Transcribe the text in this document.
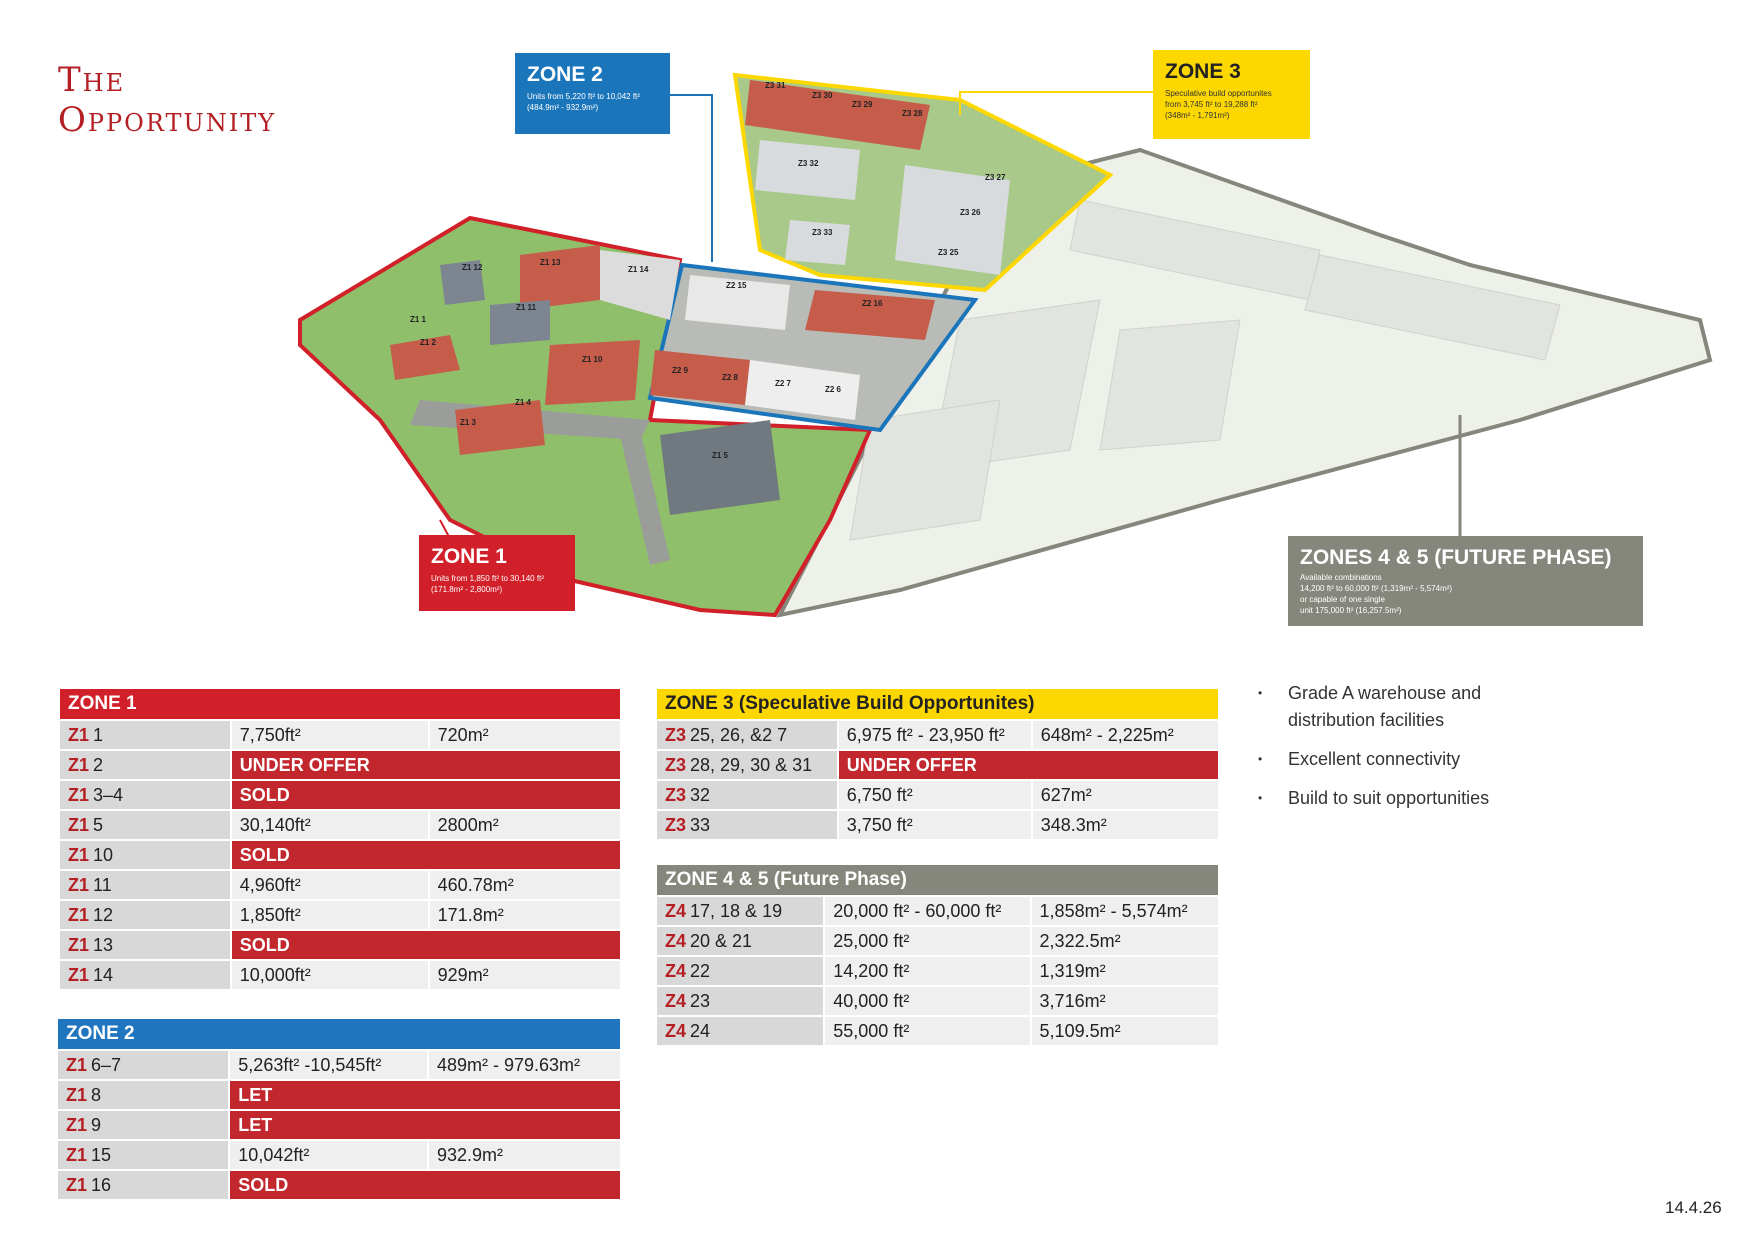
The
Opportunity
Z1 1
Z1 2
Z1 3
Z1 4
Z1 5
Z1 10
Z1 11
Z1 12
Z1 13
Z1 14
Z2 6
Z2 7
Z2 8
Z2 9
Z2 15
Z2 16
Z3 25
Z3 26
Z3 27
Z3 28
Z3 29
Z3 30
Z3 31
Z3 32
Z3 33
ZONE 2
Units from 5,220 ft² to 10,042 ft²
(484.9m² - 932.9m²)
ZONE 3
Speculative build opportunites
from 3,745 ft² to 19,288 ft²
(348m² - 1,791m²)
ZONE 1
Units from 1,850 ft² to 30,140 ft²
(171.8m² - 2,800m²)
ZONES 4 & 5 (FUTURE PHASE)
Available combinations
14,200 ft² to 60,000 ft² (1,319m² - 5,574m²)
or capable of one single
unit 175,000 ft² (16,257.5m²)
ZONE 1		
Z1 1	7,750ft²	720m²
Z1 2	UNDER OFFER	
Z1 3–4	SOLD	
Z1 5	30,140ft²	2800m²
Z1 10	SOLD	
Z1 11	4,960ft²	460.78m²
Z1 12	1,850ft²	171.8m²
Z1 13	SOLD	
Z1 14	10,000ft²	929m²
ZONE 2		
Z1 6–7	5,263ft² -10,545ft²	489m² - 979.63m²
Z1 8	LET	
Z1 9	LET	
Z1 15	10,042ft²	932.9m²
Z1 16	SOLD	
ZONE 3 (Speculative Build Opportunites)		
Z3 25, 26, &2 7	6,975 ft² - 23,950 ft²	648m² - 2,225m²
Z3 28, 29, 30 & 31	UNDER OFFER	
Z3 32	6,750 ft²	627m²
Z3 33	3,750 ft²	348.3m²
ZONE 4 & 5 (Future Phase)		
Z4 17, 18 & 19	20,000 ft² - 60,000 ft²	1,858m² - 5,574m²
Z4 20 & 21	25,000 ft²	2,322.5m²
Z4 22	14,200 ft²	1,319m²
Z4 23	40,000 ft²	3,716m²
Z4 24	55,000 ft²	5,109.5m²
• Grade A warehouse and distribution facilities
• Excellent connectivity
• Build to suit opportunities
14.4.26
